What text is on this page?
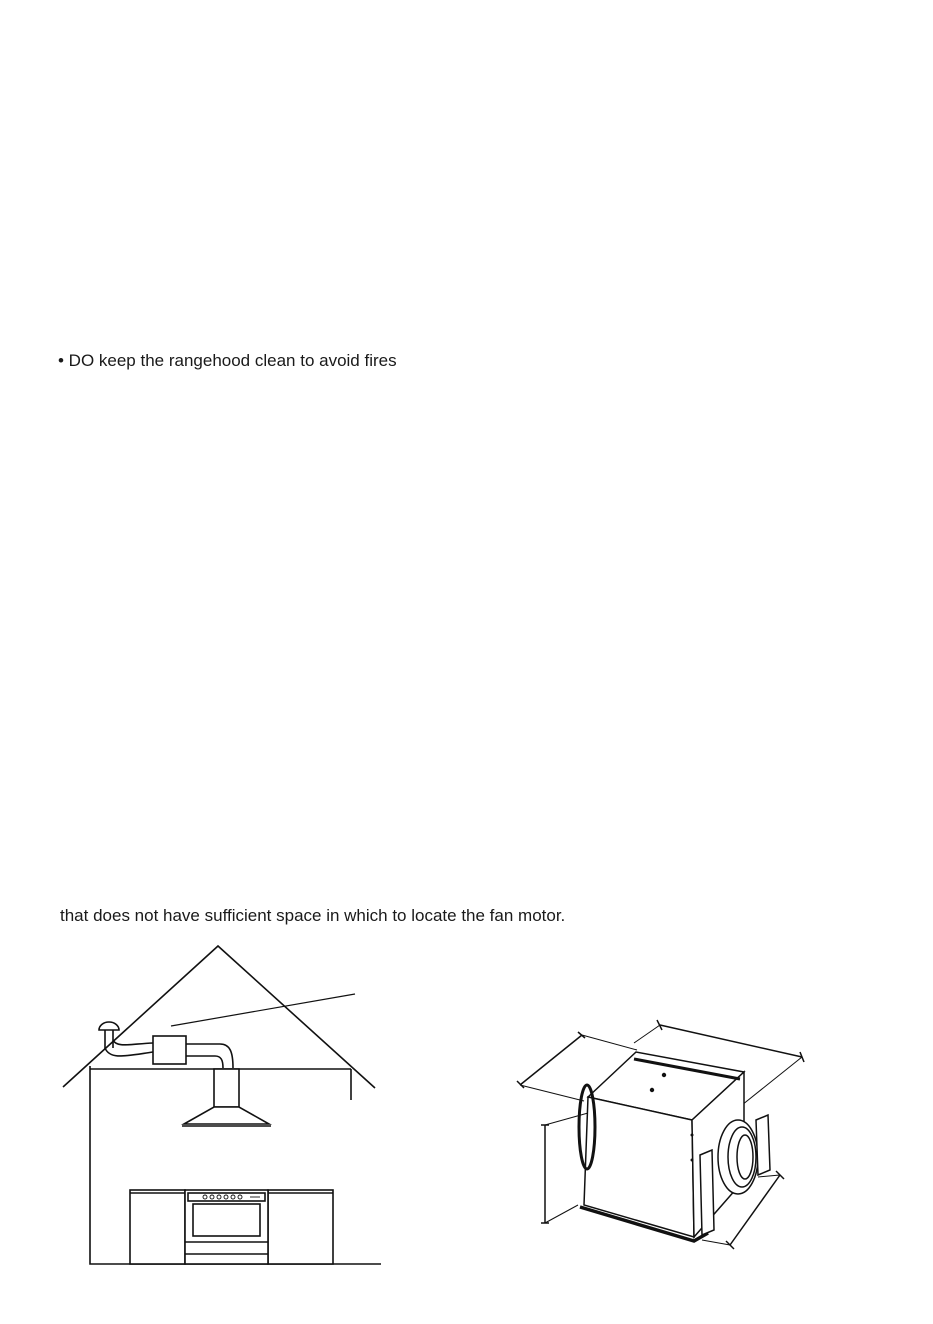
• DO keep the rangehood clean to avoid fires
that does not have sufficient space in which to locate the fan motor.
